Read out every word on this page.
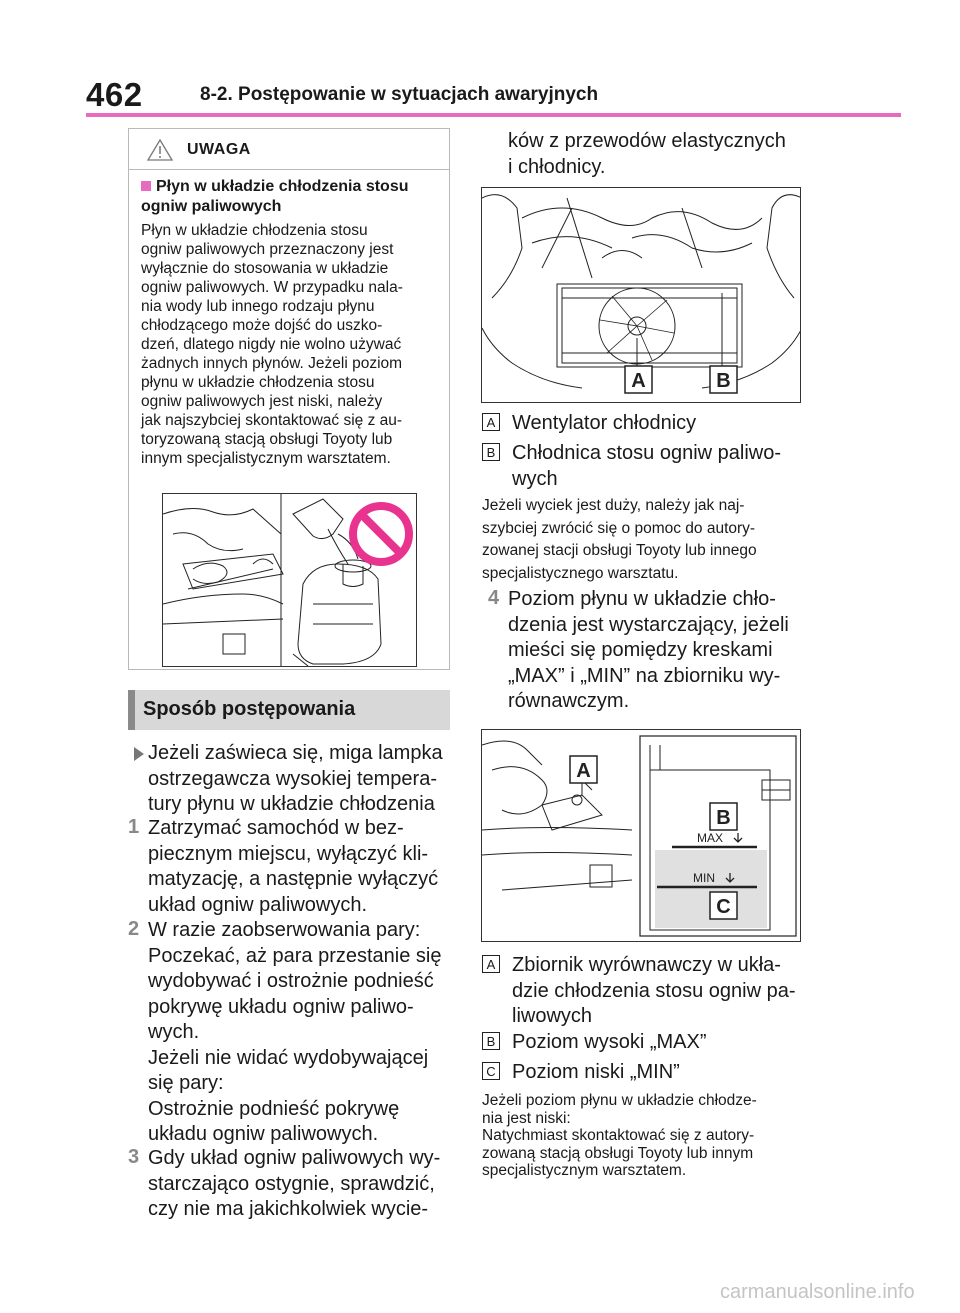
462	8-2. Postępowanie w sytuacjach awaryjnych
UWAGA
Płyn w układzie chłodzenia stosu ogniw paliwowych
Płyn w układzie chłodzenia stosu
ogniw paliwowych przeznaczony jest
wyłącznie do stosowania w układzie
ogniw paliwowych. W przypadku nala-
nia wody lub innego rodzaju płynu
chłodzącego może dojść do uszko-
dzeń, dlatego nigdy nie wolno używać
żadnych innych płynów. Jeżeli poziom
płynu w układzie chłodzenia stosu
ogniw paliwowych jest niski, należy
jak najszybciej skontaktować się z au-
toryzowaną stacją obsługi Toyoty lub
innym specjalistycznym warsztatem.
Sposób postępowania
Jeżeli zaświeca się, miga lampka
ostrzegawcza wysokiej tempera-
tury płynu w układzie chłodzenia
1 Zatrzymać samochód w bez-
piecznym miejscu, wyłączyć kli-
matyzację, a następnie wyłączyć
układ ogniw paliwowych.
2 W razie zaobserwowania pary:
Poczekać, aż para przestanie się
wydobywać i ostrożnie podnieść
pokrywę układu ogniw paliwo-
wych.
Jeżeli nie widać wydobywającej
się pary:
Ostrożnie podnieść pokrywę
układu ogniw paliwowych.
3 Gdy układ ogniw paliwowych wy-
starczająco ostygnie, sprawdzić,
czy nie ma jakichkolwiek wycie-
ków z przewodów elastycznych
i chłodnicy.
A	B
A Wentylator chłodnicy
B Chłodnica stosu ogniw paliwo-
wych
Jeżeli wyciek jest duży, należy jak naj-
szybciej zwrócić się o pomoc do autory-
zowanej stacji obsługi Toyoty lub innego
specjalistycznego warsztatu.
4 Poziom płynu w układzie chło-
dzenia jest wystarczający, jeżeli
mieści się pomiędzy kreskami
„MAX” i „MIN” na zbiorniku wy-
równawczym.
MAX
MIN
A
B
C
A Zbiornik wyrównawczy w ukła-
dzie chłodzenia stosu ogniw pa-
liwowych
B Poziom wysoki „MAX”
C Poziom niski „MIN”
Jeżeli poziom płynu w układzie chłodze-
nia jest niski:
Natychmiast skontaktować się z autory-
zowaną stacją obsługi Toyoty lub innym
specjalistycznym warsztatem.
carmanualsonline.info
